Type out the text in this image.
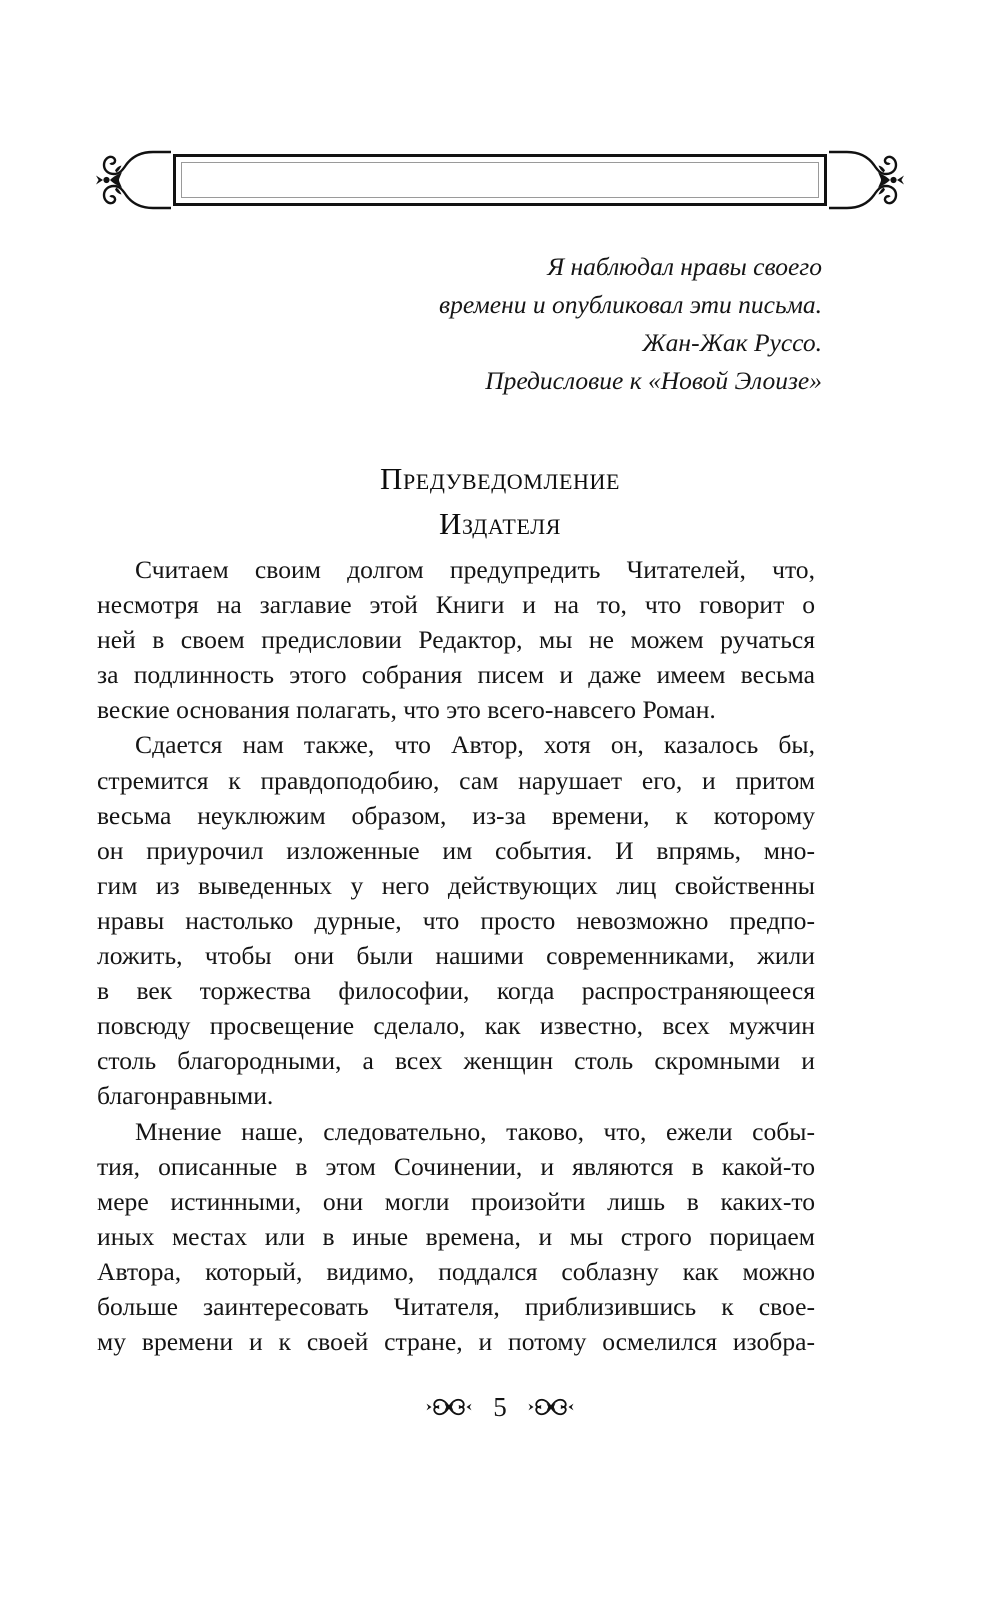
Я наблюдал нравы своего
времени и опубликовал эти письма.
Жан-Жак Руссо.
Предисловие к «Новой Элоизе»
Предуведомление
Издателя

Считаем своим долгом предупредить Читателей, что,
несмотря на заглавие этой Книги и на то, что говорит о
ней в своем предисловии Редактор, мы не можем ручаться
за подлинность этого собрания писем и даже имеем весьма
веские основания полагать, что это всего-навсего Роман.

Сдается нам также, что Автор, хотя он, казалось бы,
стремится к правдоподобию, сам нарушает его, и притом
весьма неуклюжим образом, из-за времени, к которому
он приурочил изложенные им события. И впрямь, мно-
гим из выведенных у него действующих лиц свойственны
нравы настолько дурные, что просто невозможно предпо-
ложить, чтобы они были нашими современниками, жили
в век торжества философии, когда распространяющееся
повсюду просвещение сделало, как известно, всех мужчин
столь благородными, а всех женщин столь скромными и
благонравными.

Мнение наше, следовательно, таково, что, ежели собы-
тия, описанные в этом Сочинении, и являются в какой-то
мере истинными, они могли произойти лишь в каких-то
иных местах или в иные времена, и мы строго порицаем
Автора, который, видимо, поддался соблазну как можно
больше заинтересовать Читателя, приблизившись к свое-
му времени и к своей стране, и потому осмелился изобра-

5
